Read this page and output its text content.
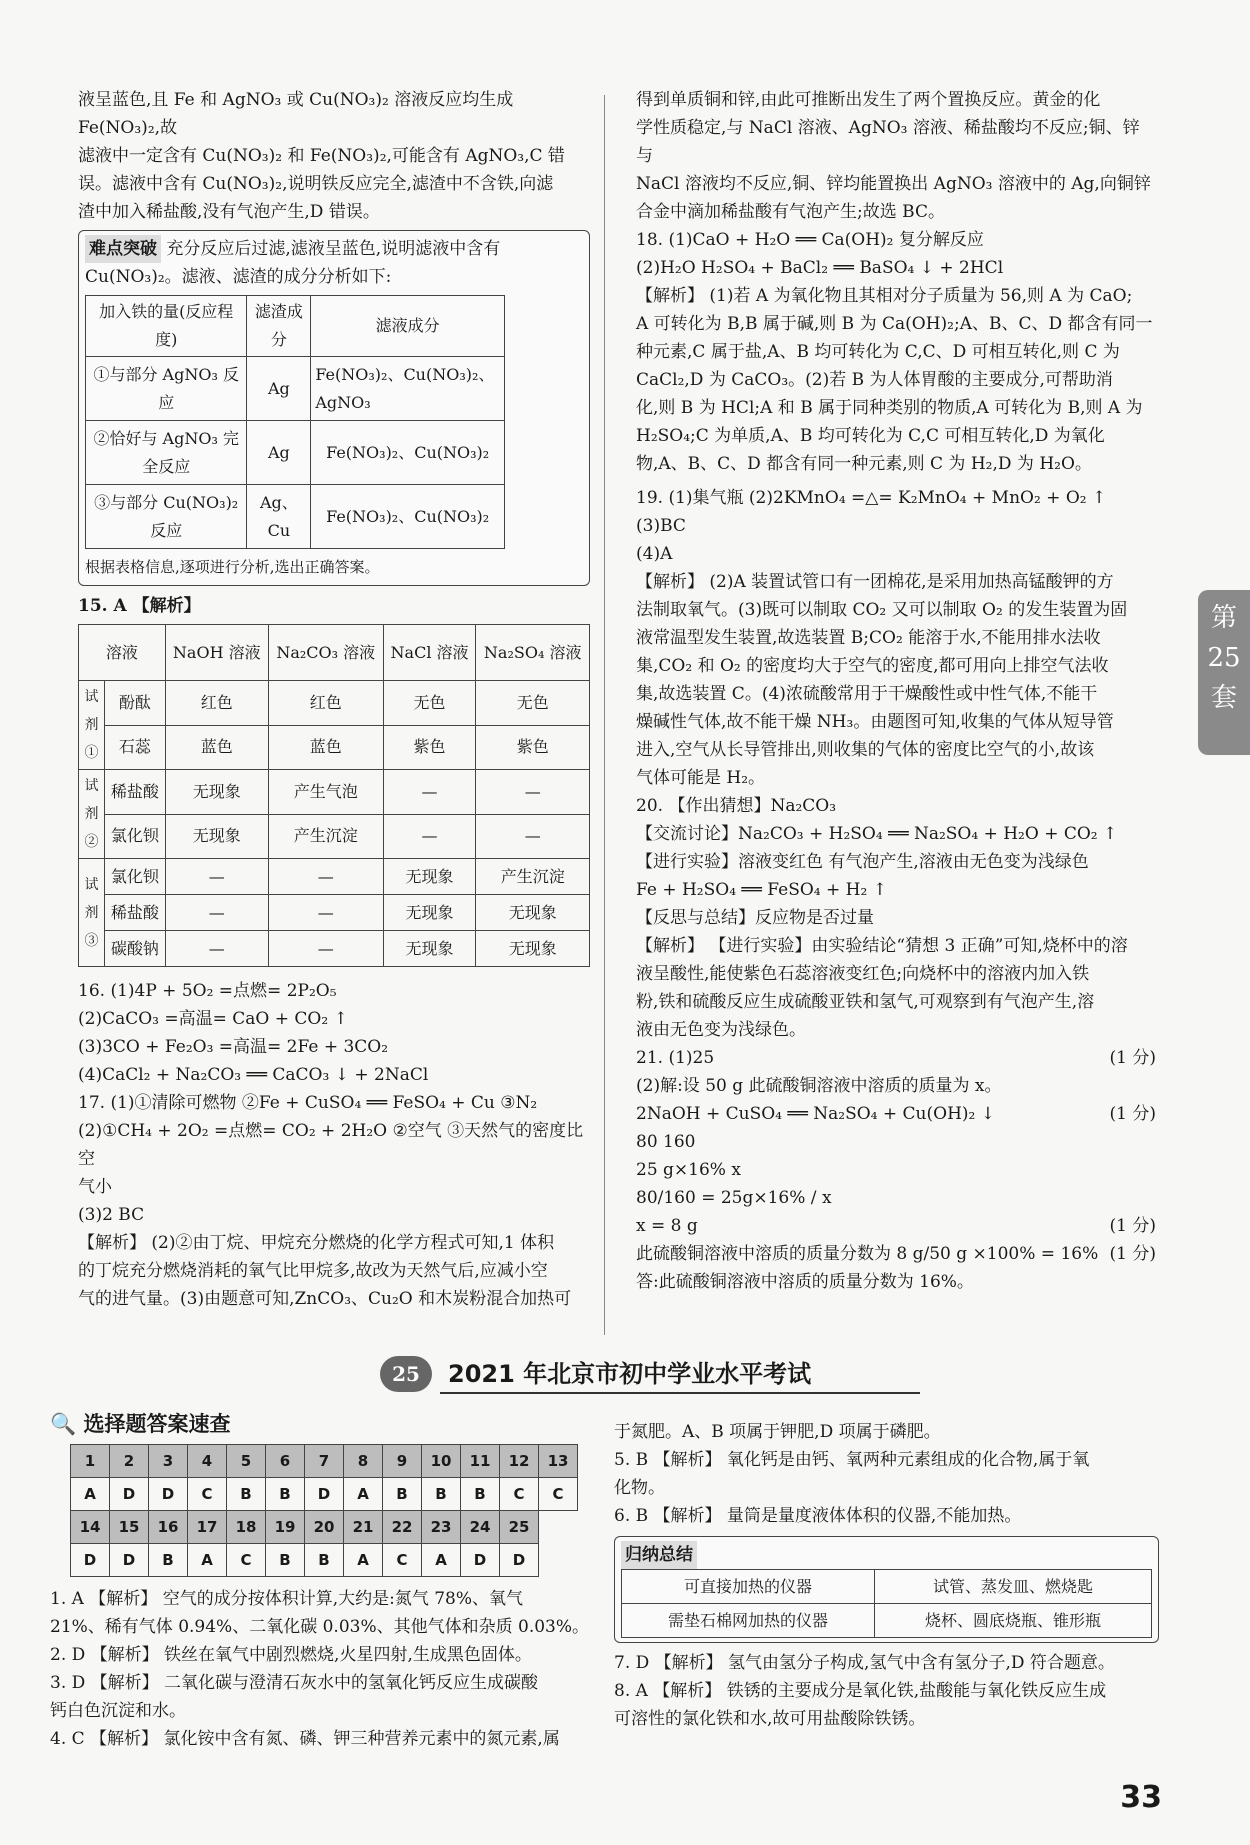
液呈蓝色,且 Fe 和 AgNO₃ 或 Cu(NO₃)₂ 溶液反应均生成 Fe(NO₃)₂,故

滤液中一定含有 Cu(NO₃)₂ 和 Fe(NO₃)₂,可能含有 AgNO₃,C 错

误。滤液中含有 Cu(NO₃)₂,说明铁反应完全,滤渣中不含铁,向滤

渣中加入稀盐酸,没有气泡产生,D 错误。

难点突破 充分反应后过滤,滤液呈蓝色,说明滤液中含有

Cu(NO₃)₂。滤液、滤渣的成分分析如下:

加入铁的量(反应程度)	滤渣成分	滤液成分
①与部分 AgNO₃ 反应	Ag	Fe(NO₃)₂、Cu(NO₃)₂、AgNO₃
②恰好与 AgNO₃ 完全反应	Ag	Fe(NO₃)₂、Cu(NO₃)₂
③与部分 Cu(NO₃)₂ 反应	Ag、Cu	Fe(NO₃)₂、Cu(NO₃)₂

根据表格信息,逐项进行分析,选出正确答案。

15. A 【解析】

溶液		NaOH 溶液	Na₂CO₃ 溶液	NaCl 溶液	Na₂SO₄ 溶液
试剂①	酚酞	红色	红色	无色	无色
	石蕊	蓝色	蓝色	紫色	紫色
试剂②	稀盐酸	无现象	产生气泡	—	—
	氯化钡	无现象	产生沉淀	—	—
试剂③	氯化钡	—	—	无现象	产生沉淀
	稀盐酸	—	—	无现象	无现象
	碳酸钠	—	—	无现象	无现象

16. (1)4P + 5O₂ =点燃= 2P₂O₅

(2)CaCO₃ =高温= CaO + CO₂ ↑

(3)3CO + Fe₂O₃ =高温= 2Fe + 3CO₂

(4)CaCl₂ + Na₂CO₃ ══ CaCO₃ ↓ + 2NaCl

17. (1)①清除可燃物 ②Fe + CuSO₄ ══ FeSO₄ + Cu ③N₂

(2)①CH₄ + 2O₂ =点燃= CO₂ + 2H₂O ②空气 ③天然气的密度比空

气小

(3)2 BC

【解析】 (2)②由丁烷、甲烷充分燃烧的化学方程式可知,1 体积

的丁烷充分燃烧消耗的氧气比甲烷多,故改为天然气后,应减小空

气的进气量。(3)由题意可知,ZnCO₃、Cu₂O 和木炭粉混合加热可

得到单质铜和锌,由此可推断出发生了两个置换反应。黄金的化

学性质稳定,与 NaCl 溶液、AgNO₃ 溶液、稀盐酸均不反应;铜、锌与

NaCl 溶液均不反应,铜、锌均能置换出 AgNO₃ 溶液中的 Ag,向铜锌

合金中滴加稀盐酸有气泡产生;故选 BC。

18. (1)CaO + H₂O ══ Ca(OH)₂ 复分解反应

(2)H₂O H₂SO₄ + BaCl₂ ══ BaSO₄ ↓ + 2HCl

【解析】 (1)若 A 为氧化物且其相对分子质量为 56,则 A 为 CaO;

A 可转化为 B,B 属于碱,则 B 为 Ca(OH)₂;A、B、C、D 都含有同一

种元素,C 属于盐,A、B 均可转化为 C,C、D 可相互转化,则 C 为

CaCl₂,D 为 CaCO₃。(2)若 B 为人体胃酸的主要成分,可帮助消

化,则 B 为 HCl;A 和 B 属于同种类别的物质,A 可转化为 B,则 A 为

H₂SO₄;C 为单质,A、B 均可转化为 C,C 可相互转化,D 为氧化

物,A、B、C、D 都含有同一种元素,则 C 为 H₂,D 为 H₂O。

19. (1)集气瓶 (2)2KMnO₄ =△= K₂MnO₄ + MnO₂ + O₂ ↑ (3)BC

(4)A

【解析】 (2)A 装置试管口有一团棉花,是采用加热高锰酸钾的方

法制取氧气。(3)既可以制取 CO₂ 又可以制取 O₂ 的发生装置为固

液常温型发生装置,故选装置 B;CO₂ 能溶于水,不能用排水法收

集,CO₂ 和 O₂ 的密度均大于空气的密度,都可用向上排空气法收

集,故选装置 C。(4)浓硫酸常用于干燥酸性或中性气体,不能干

燥碱性气体,故不能干燥 NH₃。由题图可知,收集的气体从短导管

进入,空气从长导管排出,则收集的气体的密度比空气的小,故该

气体可能是 H₂。

20. 【作出猜想】Na₂CO₃

【交流讨论】Na₂CO₃ + H₂SO₄ ══ Na₂SO₄ + H₂O + CO₂ ↑

【进行实验】溶液变红色 有气泡产生,溶液由无色变为浅绿色

Fe + H₂SO₄ ══ FeSO₄ + H₂ ↑

【反思与总结】反应物是否过量

【解析】 【进行实验】由实验结论“猜想 3 正确”可知,烧杯中的溶

液呈酸性,能使紫色石蕊溶液变红色;向烧杯中的溶液内加入铁

粉,铁和硫酸反应生成硫酸亚铁和氢气,可观察到有气泡产生,溶

液由无色变为浅绿色。

21. (1)25	(1 分)

(2)解:设 50 g 此硫酸铜溶液中溶质的质量为 x。

2NaOH + CuSO₄ ══ Na₂SO₄ + Cu(OH)₂ ↓	(1 分)

80 160

25 g×16% x

80/160 = 25g×16% / x

x = 8 g	(1 分)

此硫酸铜溶液中溶质的质量分数为 8 g/50 g ×100% = 16% (1 分)

答:此硫酸铜溶液中溶质的质量分数为 16%。

第25套
25	2021 年北京市初中学业水平考试

🔍 选择题答案速查

1	2	3	4	5	6	7	8	9	10	11	12	13
A	D	D	C	B	B	D	A	B	B	B	C	C
14	15	16	17	18	19	20	21	22	23	24	25	
D	D	B	A	C	B	B	A	C	A	D	D	

1. A 【解析】 空气的成分按体积计算,大约是:氮气 78%、氧气

21%、稀有气体 0.94%、二氧化碳 0.03%、其他气体和杂质 0.03%。

2. D 【解析】 铁丝在氧气中剧烈燃烧,火星四射,生成黑色固体。

3. D 【解析】 二氧化碳与澄清石灰水中的氢氧化钙反应生成碳酸

钙白色沉淀和水。

4. C 【解析】 氯化铵中含有氮、磷、钾三种营养元素中的氮元素,属

于氮肥。A、B 项属于钾肥,D 项属于磷肥。

5. B 【解析】 氧化钙是由钙、氧两种元素组成的化合物,属于氧

化物。

6. B 【解析】 量筒是量度液体体积的仪器,不能加热。

归纳总结

可直接加热的仪器	试管、蒸发皿、燃烧匙
需垫石棉网加热的仪器	烧杯、圆底烧瓶、锥形瓶

7. D 【解析】 氢气由氢分子构成,氢气中含有氢分子,D 符合题意。

8. A 【解析】 铁锈的主要成分是氧化铁,盐酸能与氧化铁反应生成

可溶性的氯化铁和水,故可用盐酸除铁锈。

33
